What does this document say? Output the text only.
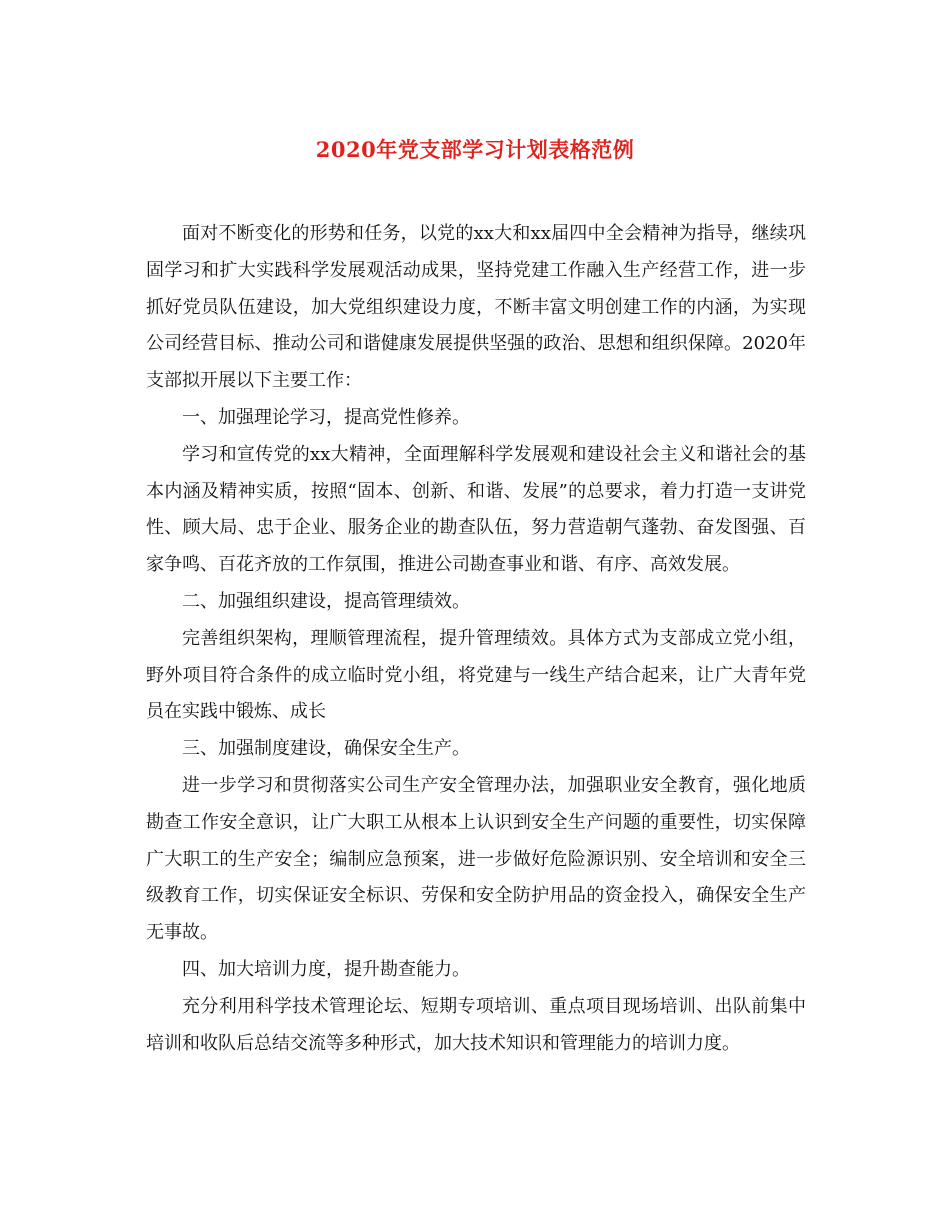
2020年党支部学习计划表格范例

面对不断变化的形势和任务，以党的xx大和xx届四中全会精神为指导，继续巩固学习和扩大实践科学发展观活动成果，坚持党建工作融入生产经营工作，进一步抓好党员队伍建设，加大党组织建设力度，不断丰富文明创建工作的内涵，为实现公司经营目标、推动公司和谐健康发展提供坚强的政治、思想和组织保障。2020年支部拟开展以下主要工作：

一、加强理论学习，提高党性修养。

学习和宣传党的xx大精神，全面理解科学发展观和建设社会主义和谐社会的基本内涵及精神实质，按照“固本、创新、和谐、发展”的总要求，着力打造一支讲党性、顾大局、忠于企业、服务企业的勘查队伍，努力营造朝气蓬勃、奋发图强、百家争鸣、百花齐放的工作氛围，推进公司勘查事业和谐、有序、高效发展。

二、加强组织建设，提高管理绩效。

完善组织架构，理顺管理流程，提升管理绩效。具体方式为支部成立党小组，野外项目符合条件的成立临时党小组，将党建与一线生产结合起来，让广大青年党员在实践中锻炼、成长

三、加强制度建设，确保安全生产。

进一步学习和贯彻落实公司生产安全管理办法，加强职业安全教育，强化地质勘查工作安全意识，让广大职工从根本上认识到安全生产问题的重要性，切实保障广大职工的生产安全；编制应急预案，进一步做好危险源识别、安全培训和安全三级教育工作，切实保证安全标识、劳保和安全防护用品的资金投入，确保安全生产无事故。

四、加大培训力度，提升勘查能力。

充分利用科学技术管理论坛、短期专项培训、重点项目现场培训、出队前集中培训和收队后总结交流等多种形式，加大技术知识和管理能力的培训力度。
